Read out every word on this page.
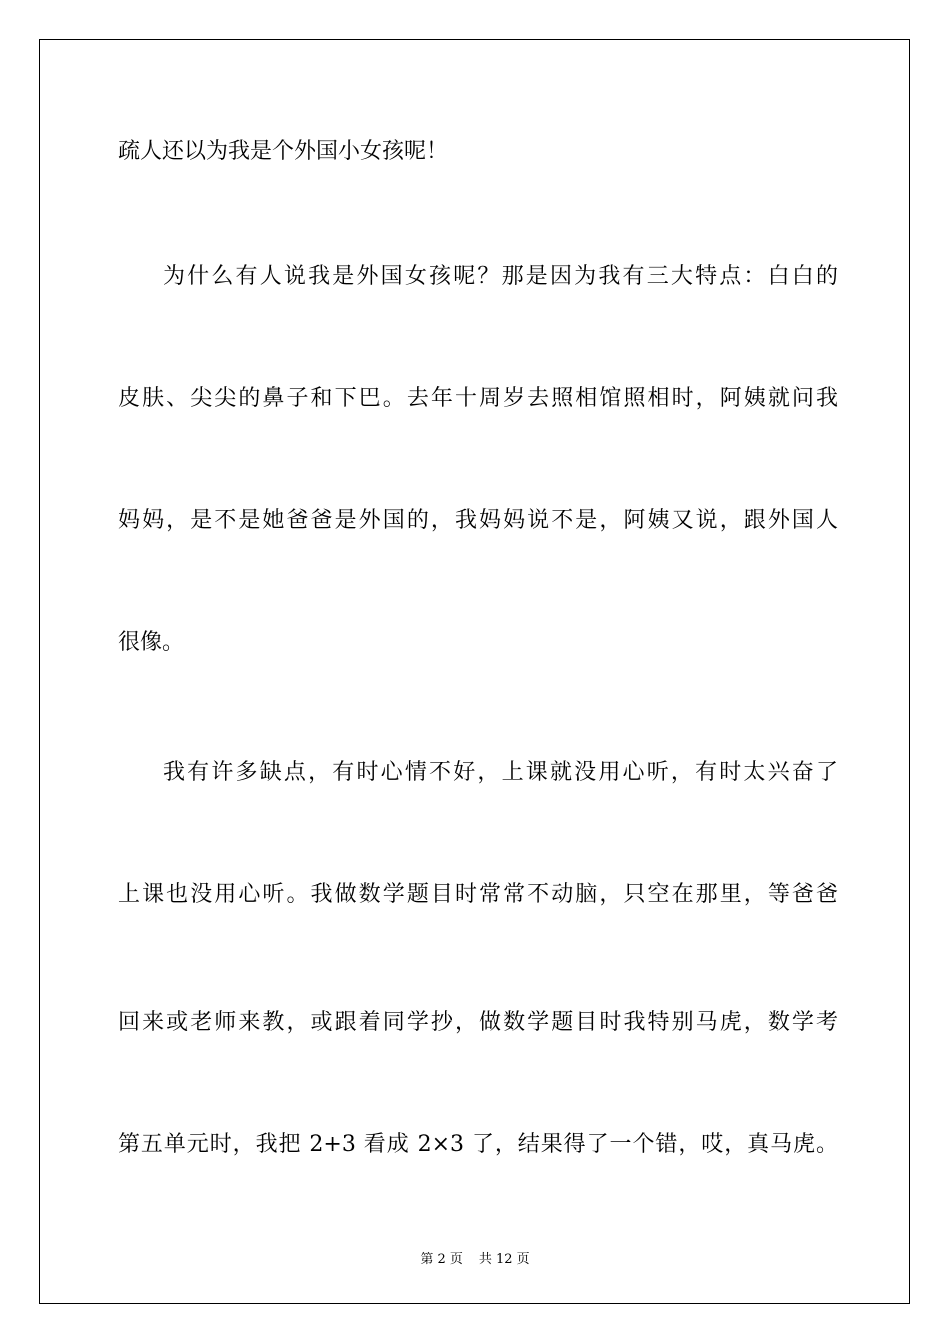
疏人还以为我是个外国小女孩呢！

为什么有人说我是外国女孩呢？那是因为我有三大特点：白白的

皮肤、尖尖的鼻子和下巴。去年十周岁去照相馆照相时，阿姨就问我

妈妈，是不是她爸爸是外国的，我妈妈说不是，阿姨又说，跟外国人

很像。

我有许多缺点，有时心情不好，上课就没用心听，有时太兴奋了

上课也没用心听。我做数学题目时常常不动脑，只空在那里，等爸爸

回来或老师来教，或跟着同学抄，做数学题目时我特别马虎，数学考

第五单元时，我把 2+3 看成 2×3 了，结果得了一个错，哎，真马虎。

第 2 页 共 12 页
